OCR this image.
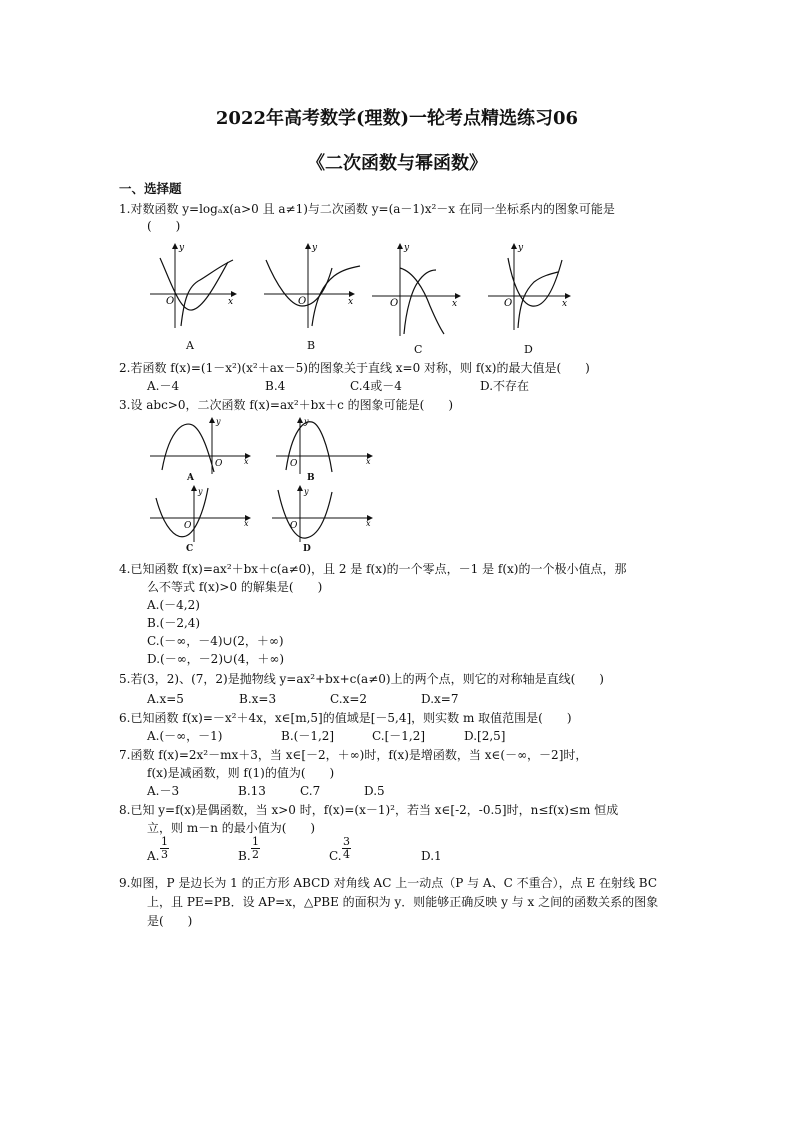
2022年高考数学(理数)一轮考点精选练习06
《二次函数与幂函数》
一、选择题
1.对数函数 y=logₐx(a>0 且 a≠1)与二次函数 y=(a－1)x²－x 在同一坐标系内的图象可能是
(　　)
y
O	x
A
y
O	x
B
y
O	x
C
y
O	x
D
2.若函数 f(x)=(1－x²)(x²＋ax－5)的图象关于直线 x=0 对称，则 f(x)的最大值是(　　)
A.－4	B.4	C.4或－4	D.不存在
3.设 abc>0，二次函数 f(x)=ax²＋bx＋c 的图象可能是(　　)
y
O	x
A
y
O	x
B
y
O	x
C
y
O	x
D
4.已知函数 f(x)=ax²＋bx＋c(a≠0)，且 2 是 f(x)的一个零点，－1 是 f(x)的一个极小值点，那
么不等式 f(x)>0 的解集是(　　)
A.(－4,2)
B.(－2,4)
C.(－∞，－4)∪(2，＋∞)
D.(－∞，－2)∪(4，＋∞)
5.若(3，2)、(7，2)是抛物线 y=ax²+bx+c(a≠0)上的两个点，则它的对称轴是直线(　　)
A.x=5	B.x=3	C.x=2	D.x=7
6.已知函数 f(x)=－x²＋4x，x∈[m,5]的值域是[－5,4]，则实数 m 取值范围是(　　)
A.(－∞，－1)	B.(－1,2]	C.[－1,2]	D.[2,5]
7.函数 f(x)=2x²－mx＋3，当 x∈[－2，＋∞)时，f(x)是增函数，当 x∈(－∞，－2]时，
f(x)是减函数，则 f(1)的值为(　　)
A.－3	B.13	C.7	D.5
8.已知 y=f(x)是偶函数，当 x>0 时，f(x)=(x－1)²，若当 x∈[-2，-0.5]时，n≤f(x)≤m 恒成
立，则 m－n 的最小值为(　　)
A. $\frac{1}{3}$	B. $\frac{1}{2}$	C. $\frac{3}{4}$	D. 1
9.如图，P 是边长为 1 的正方形 ABCD 对角线 AC 上一动点（P 与 A、C 不重合），点 E 在射线 BC
上，且 PE=PB．设 AP=x，△PBE 的面积为 y．则能够正确反映 y 与 x 之间的函数关系的图象
是(　　)
